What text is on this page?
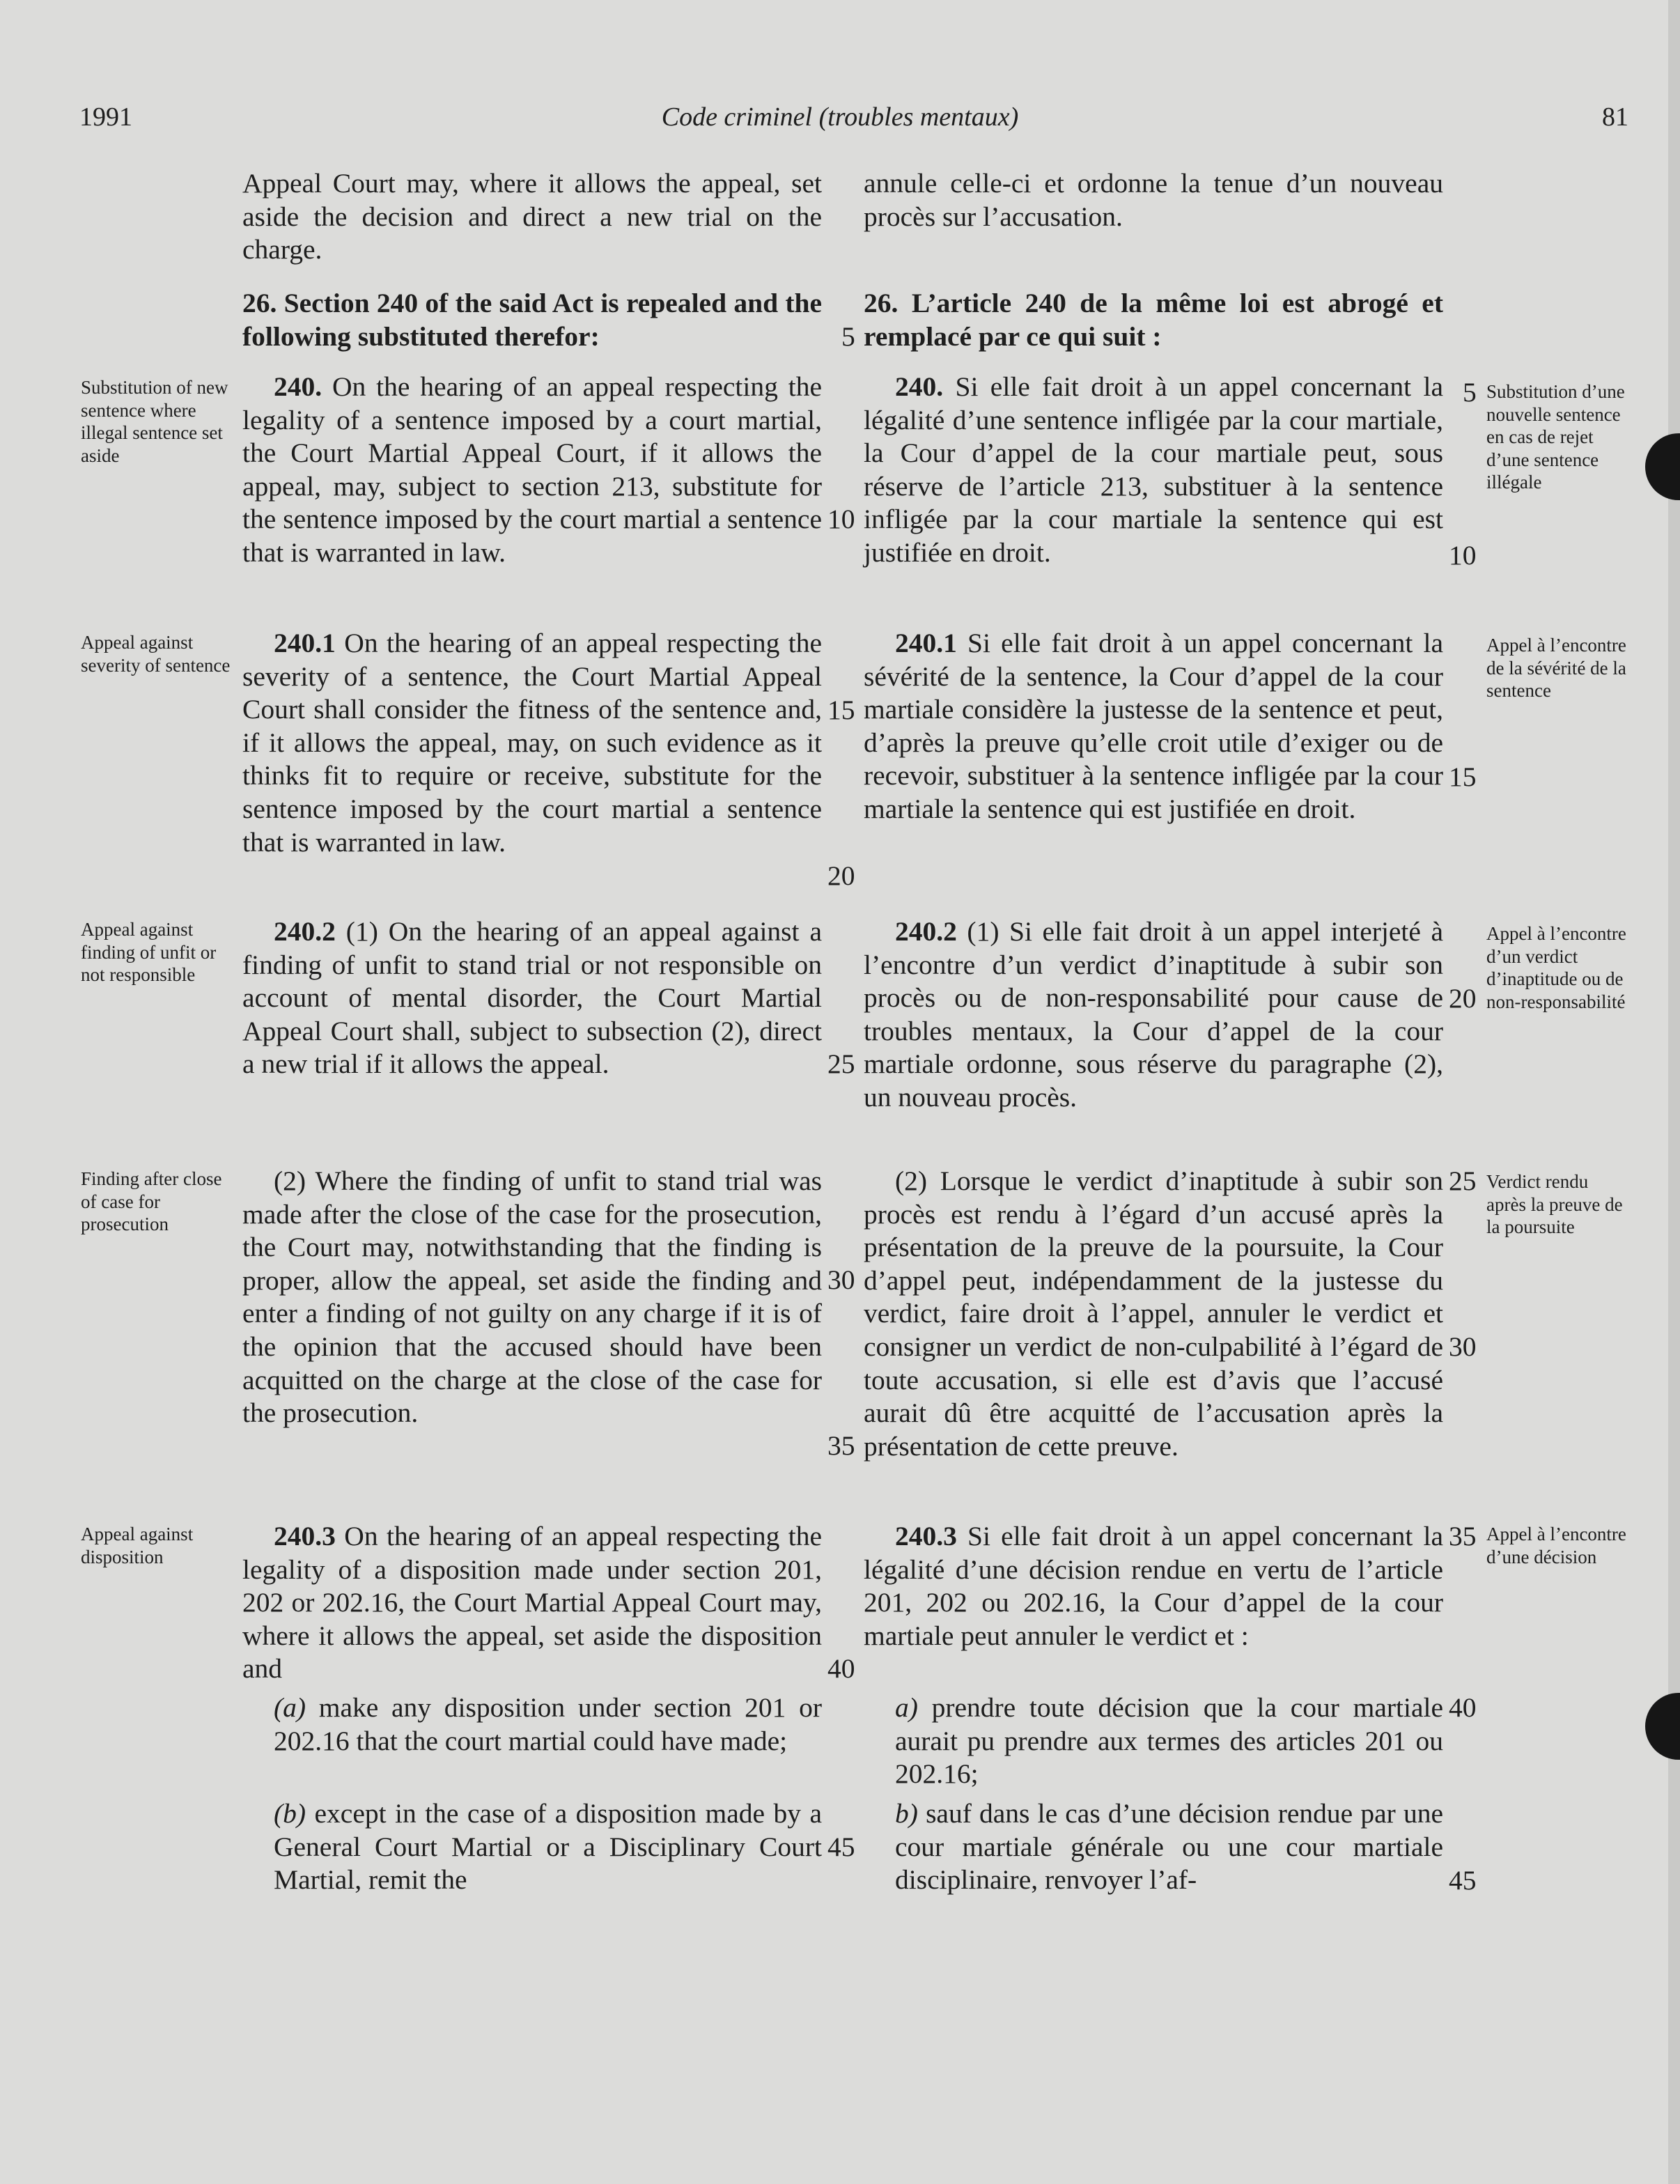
1991	Code criminel (troubles mentaux)	81

Appeal Court may, where it allows the appeal, set aside the decision and direct a new trial on the charge.

26. Section 240 of the said Act is repealed and the following substituted therefor:

240. On the hearing of an appeal respecting the legality of a sentence imposed by a court martial, the Court Martial Appeal Court, if it allows the appeal, may, subject to section 213, substitute for the sentence imposed by the court martial a sentence that is warranted in law.

240.1 On the hearing of an appeal respecting the severity of a sentence, the Court Martial Appeal Court shall consider the fitness of the sentence and, if it allows the appeal, may, on such evidence as it thinks fit to require or receive, substitute for the sentence imposed by the court martial a sentence that is warranted in law.

240.2 (1) On the hearing of an appeal against a finding of unfit to stand trial or not responsible on account of mental disorder, the Court Martial Appeal Court shall, subject to subsection (2), direct a new trial if it allows the appeal.

(2) Where the finding of unfit to stand trial was made after the close of the case for the prosecution, the Court may, notwithstanding that the finding is proper, allow the appeal, set aside the finding and enter a finding of not guilty on any charge if it is of the opinion that the accused should have been acquitted on the charge at the close of the case for the prosecution.

240.3 On the hearing of an appeal respecting the legality of a disposition made under section 201, 202 or 202.16, the Court Martial Appeal Court may, where it allows the appeal, set aside the disposition and

(a) make any disposition under section 201 or 202.16 that the court martial could have made;

(b) except in the case of a disposition made by a General Court Martial or a Disciplinary Court Martial, remit the

annule celle-ci et ordonne la tenue d’un nouveau procès sur l’accusation.

26. L’article 240 de la même loi est abrogé et remplacé par ce qui suit :

240. Si elle fait droit à un appel concernant la légalité d’une sentence infligée par la cour martiale, la Cour d’appel de la cour martiale peut, sous réserve de l’article 213, substituer à la sentence infligée par la cour martiale la sentence qui est justifiée en droit.

240.1 Si elle fait droit à un appel concernant la sévérité de la sentence, la Cour d’appel de la cour martiale considère la justesse de la sentence et peut, d’après la preuve qu’elle croit utile d’exiger ou de recevoir, substituer à la sentence infligée par la cour martiale la sentence qui est justifiée en droit.

240.2 (1) Si elle fait droit à un appel interjeté à l’encontre d’un verdict d’inaptitude à subir son procès ou de non-responsabilité pour cause de troubles mentaux, la Cour d’appel de la cour martiale ordonne, sous réserve du paragraphe (2), un nouveau procès.

(2) Lorsque le verdict d’inaptitude à subir son procès est rendu à l’égard d’un accusé après la présentation de la preuve de la poursuite, la Cour d’appel peut, indépendamment de la justesse du verdict, faire droit à l’appel, annuler le verdict et consigner un verdict de non-culpabilité à l’égard de toute accusation, si elle est d’avis que l’accusé aurait dû être acquitté de l’accusation après la présentation de cette preuve.

240.3 Si elle fait droit à un appel concernant la légalité d’une décision rendue en vertu de l’article 201, 202 ou 202.16, la Cour d’appel de la cour martiale peut annuler le verdict et :

a) prendre toute décision que la cour martiale aurait pu prendre aux termes des articles 201 ou 202.16;

b) sauf dans le cas d’une décision rendue par une cour martiale générale ou une cour martiale disciplinaire, renvoyer l’af-

Substitution of new sentence where illegal sentence set aside
Appeal against severity of sentence
Appeal against finding of unfit or not responsible
Finding after close of case for prosecution
Appeal against disposition
Substitution d’une nouvelle sentence en cas de rejet d’une sentence illégale
Appel à l’encontre de la sévérité de la sentence
Appel à l’encontre d’un verdict d’inaptitude ou de non-responsabilité
Verdict rendu après la preuve de la poursuite
Appel à l’encontre d’une décision
5
10
15
20
25
30
35
40
45
5
10
15
20
25
30
35
40
45
